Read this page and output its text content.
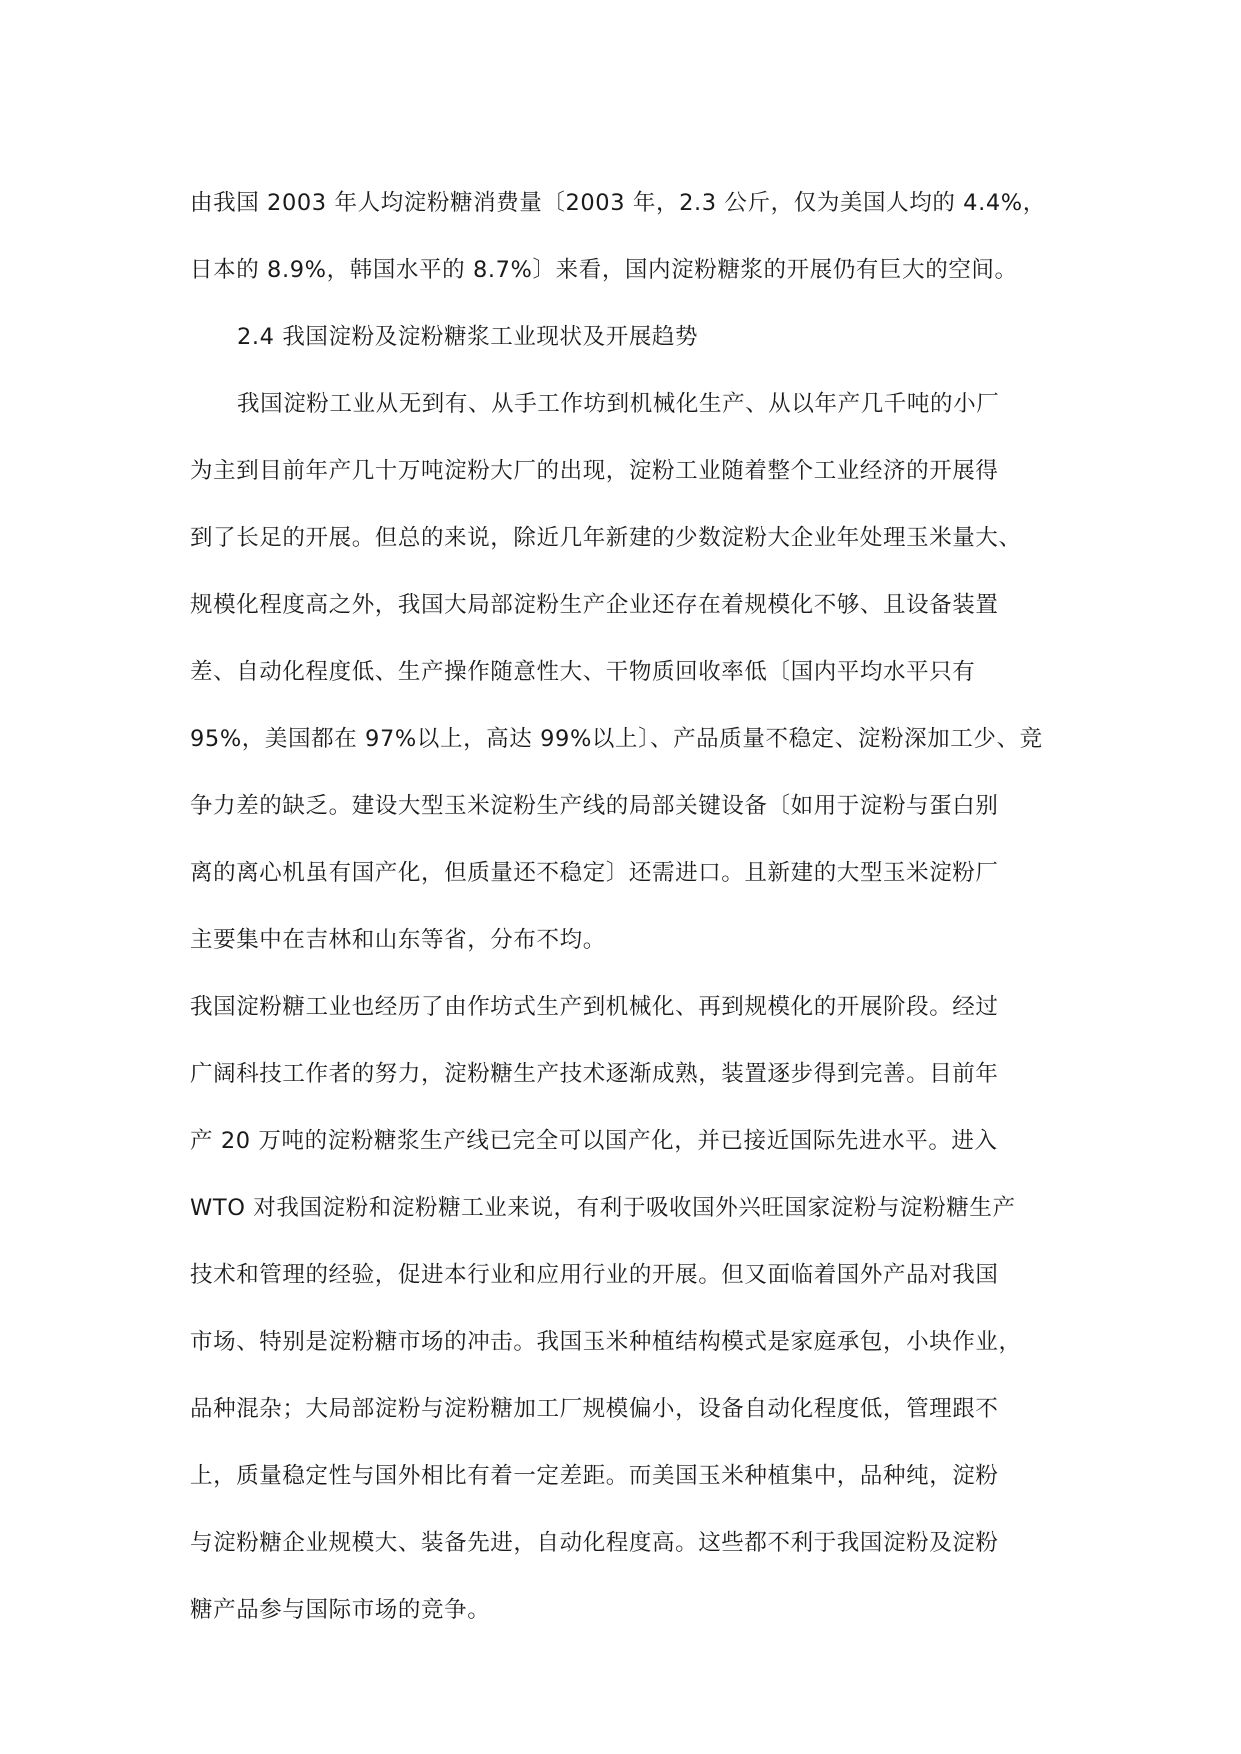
由我国 2003 年人均淀粉糖消费量〔2003 年，2.3 公斤，仅为美国人均的 4.4%，
日本的 8.9%，韩国水平的 8.7%〕来看，国内淀粉糖浆的开展仍有巨大的空间。

2.4 我国淀粉及淀粉糖浆工业现状及开展趋势

我国淀粉工业从无到有、从手工作坊到机械化生产、从以年产几千吨的小厂
为主到目前年产几十万吨淀粉大厂的出现，淀粉工业随着整个工业经济的开展得
到了长足的开展。但总的来说，除近几年新建的少数淀粉大企业年处理玉米量大、
规模化程度高之外，我国大局部淀粉生产企业还存在着规模化不够、且设备装置
差、自动化程度低、生产操作随意性大、干物质回收率低〔国内平均水平只有
95%，美国都在 97%以上，高达 99%以上〕、产品质量不稳定、淀粉深加工少、竞
争力差的缺乏。建设大型玉米淀粉生产线的局部关键设备〔如用于淀粉与蛋白别
离的离心机虽有国产化，但质量还不稳定〕还需进口。且新建的大型玉米淀粉厂
主要集中在吉林和山东等省，分布不均。

我国淀粉糖工业也经历了由作坊式生产到机械化、再到规模化的开展阶段。经过
广阔科技工作者的努力，淀粉糖生产技术逐渐成熟，装置逐步得到完善。目前年
产 20 万吨的淀粉糖浆生产线已完全可以国产化，并已接近国际先进水平。进入
WTO 对我国淀粉和淀粉糖工业来说，有利于吸收国外兴旺国家淀粉与淀粉糖生产
技术和管理的经验，促进本行业和应用行业的开展。但又面临着国外产品对我国
市场、特别是淀粉糖市场的冲击。我国玉米种植结构模式是家庭承包，小块作业，
品种混杂；大局部淀粉与淀粉糖加工厂规模偏小，设备自动化程度低，管理跟不
上，质量稳定性与国外相比有着一定差距。而美国玉米种植集中，品种纯，淀粉
与淀粉糖企业规模大、装备先进，自动化程度高。这些都不利于我国淀粉及淀粉
糖产品参与国际市场的竞争。
